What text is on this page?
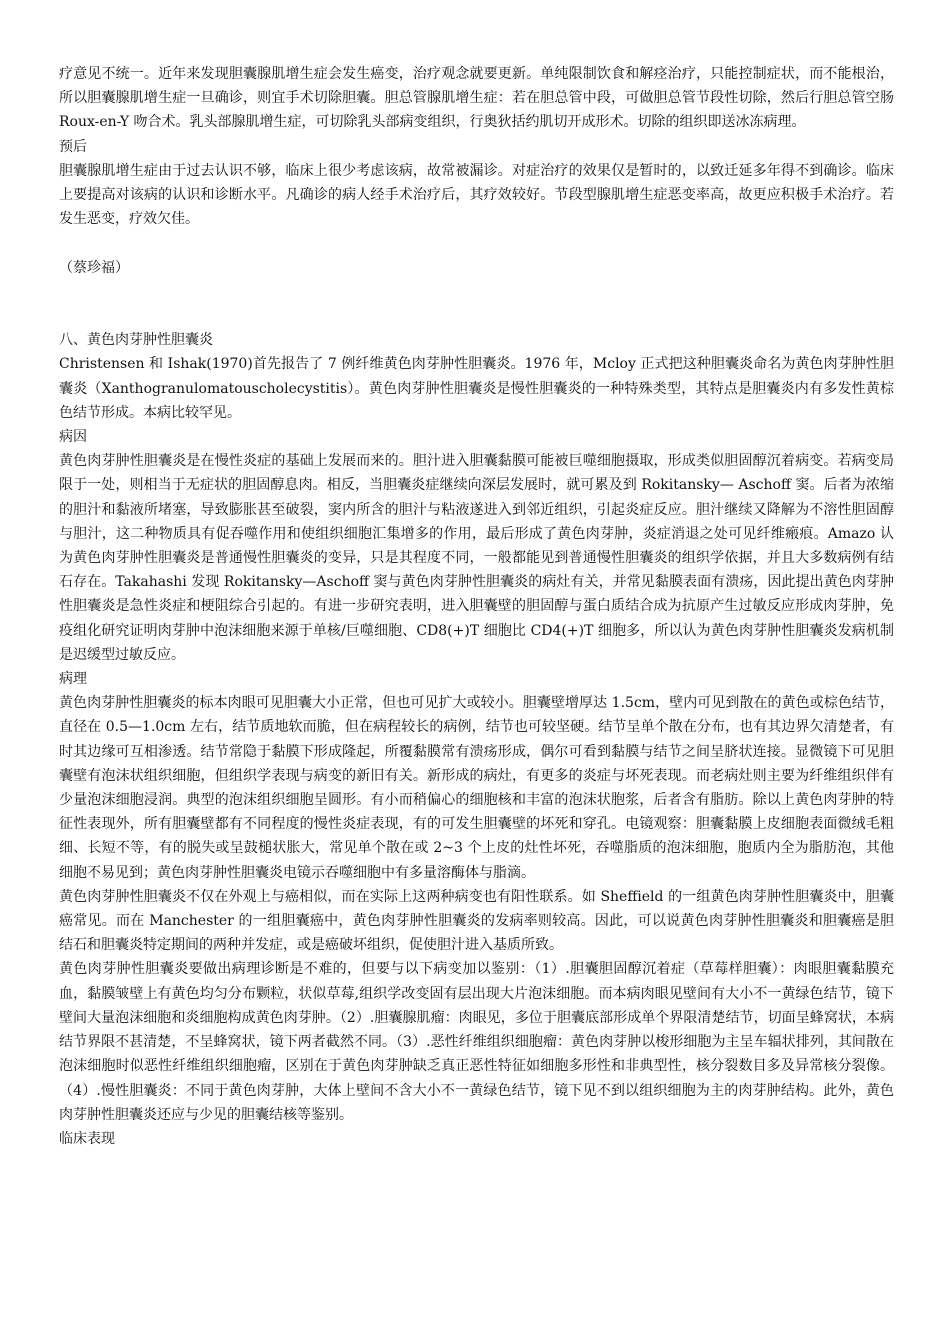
疗意见不统一。近年来发现胆囊腺肌增生症会发生癌变，治疗观念就要更新。单纯限制饮食和解痉治疗，只能控制症状，而不能根治，所以胆囊腺肌增生症一旦确诊，则宜手术切除胆囊。胆总管腺肌增生症：若在胆总管中段，可做胆总管节段性切除，然后行胆总管空肠 Roux-en-Y 吻合术。乳头部腺肌增生症，可切除乳头部病变组织，行奥狄括约肌切开成形术。切除的组织即送冰冻病理。

预后

胆囊腺肌增生症由于过去认识不够，临床上很少考虑该病，故常被漏诊。对症治疗的效果仅是暂时的，以致迁延多年得不到确诊。临床上要提高对该病的认识和诊断水平。凡确诊的病人经手术治疗后，其疗效较好。节段型腺肌增生症恶变率高，故更应积极手术治疗。若发生恶变，疗效欠佳。

（蔡珍福）

八、黄色肉芽肿性胆囊炎

Christensen 和 Ishak(1970)首先报告了 7 例纤维黄色肉芽肿性胆囊炎。1976 年，Mcloy 正式把这种胆囊炎命名为黄色肉芽肿性胆囊炎（Xanthogranulomatouscholecystitis）。黄色肉芽肿性胆囊炎是慢性胆囊炎的一种特殊类型，其特点是胆囊炎内有多发性黄棕色结节形成。本病比较罕见。

病因

黄色肉芽肿性胆囊炎是在慢性炎症的基础上发展而来的。胆汁进入胆囊黏膜可能被巨噬细胞摄取，形成类似胆固醇沉着病变。若病变局限于一处，则相当于无症状的胆固醇息肉。相反，当胆囊炎症继续向深层发展时，就可累及到 Rokitansky— Aschoff 窦。后者为浓缩的胆汁和黏液所堵塞，导致膨胀甚至破裂，窦内所含的胆汁与粘液遂进入到邻近组织，引起炎症反应。胆汁继续又降解为不溶性胆固醇与胆汁，这二种物质具有促吞噬作用和使组织细胞汇集增多的作用，最后形成了黄色肉芽肿，炎症消退之处可见纤维瘢痕。Amazo 认为黄色肉芽肿性胆囊炎是普通慢性胆囊炎的变异，只是其程度不同，一般都能见到普通慢性胆囊炎的组织学依据，并且大多数病例有结石存在。Takahashi 发现 Rokitansky—Aschoff 窦与黄色肉芽肿性胆囊炎的病灶有关，并常见黏膜表面有溃疡，因此提出黄色肉芽肿性胆囊炎是急性炎症和梗阻综合引起的。有进一步研究表明，进入胆囊壁的胆固醇与蛋白质结合成为抗原产生过敏反应形成肉芽肿，免疫组化研究证明肉芽肿中泡沫细胞来源于单核/巨噬细胞、CD8(+)T 细胞比 CD4(+)T 细胞多，所以认为黄色肉芽肿性胆囊炎发病机制是迟缓型过敏反应。

病理

黄色肉芽肿性胆囊炎的标本肉眼可见胆囊大小正常，但也可见扩大或较小。胆囊壁增厚达 1.5cm，壁内可见到散在的黄色或棕色结节，直径在 0.5—1.0cm 左右，结节质地软而脆，但在病程较长的病例，结节也可较坚硬。结节呈单个散在分布，也有其边界欠清楚者，有时其边缘可互相渗透。结节常隐于黏膜下形成隆起，所覆黏膜常有溃疡形成，偶尔可看到黏膜与结节之间呈脐状连接。显微镜下可见胆囊壁有泡沫状组织细胞，但组织学表现与病变的新旧有关。新形成的病灶，有更多的炎症与坏死表现。而老病灶则主要为纤维组织伴有少量泡沫细胞浸润。典型的泡沫组织细胞呈圆形。有小而稍偏心的细胞核和丰富的泡沫状胞浆，后者含有脂肪。除以上黄色肉芽肿的特征性表现外，所有胆囊壁都有不同程度的慢性炎症表现，有的可发生胆囊壁的坏死和穿孔。电镜观察：胆囊黏膜上皮细胞表面微绒毛粗细、长短不等，有的脱失或呈鼓槌状胀大，常见单个散在或 2~3 个上皮的灶性坏死，吞噬脂质的泡沫细胞，胞质内全为脂肪泡，其他细胞不易见到；黄色肉芽肿性胆囊炎电镜示吞噬细胞中有多量溶酶体与脂滴。

黄色肉芽肿性胆囊炎不仅在外观上与癌相似，而在实际上这两种病变也有阳性联系。如 Sheffield 的一组黄色肉芽肿性胆囊炎中，胆囊癌常见。而在 Manchester 的一组胆囊癌中，黄色肉芽肿性胆囊炎的发病率则较高。因此，可以说黄色肉芽肿性胆囊炎和胆囊癌是胆结石和胆囊炎特定期间的两种并发症，或是癌破坏组织，促使胆汁进入基质所致。

黄色肉芽肿性胆囊炎要做出病理诊断是不难的，但要与以下病变加以鉴别：（1）.胆囊胆固醇沉着症（草莓样胆囊）：肉眼胆囊黏膜充血，黏膜皱壁上有黄色均匀分布颗粒，状似草莓,组织学改变固有层出现大片泡沫细胞。而本病肉眼见壁间有大小不一黄绿色结节，镜下壁间大量泡沫细胞和炎细胞构成黄色肉芽肿。（2）.胆囊腺肌瘤：肉眼见，多位于胆囊底部形成单个界限清楚结节，切面呈蜂窝状，本病结节界限不甚清楚，不呈蜂窝状，镜下两者截然不同。（3）.恶性纤维组织细胞瘤：黄色肉芽肿以梭形细胞为主呈车辐状排列，其间散在泡沫细胞时似恶性纤维组织细胞瘤，区别在于黄色肉芽肿缺乏真正恶性特征如细胞多形性和非典型性，核分裂数目多及异常核分裂像。（4）.慢性胆囊炎：不同于黄色肉芽肿，大体上壁间不含大小不一黄绿色结节，镜下见不到以组织细胞为主的肉芽肿结构。此外，黄色肉芽肿性胆囊炎还应与少见的胆囊结核等鉴别。

临床表现
